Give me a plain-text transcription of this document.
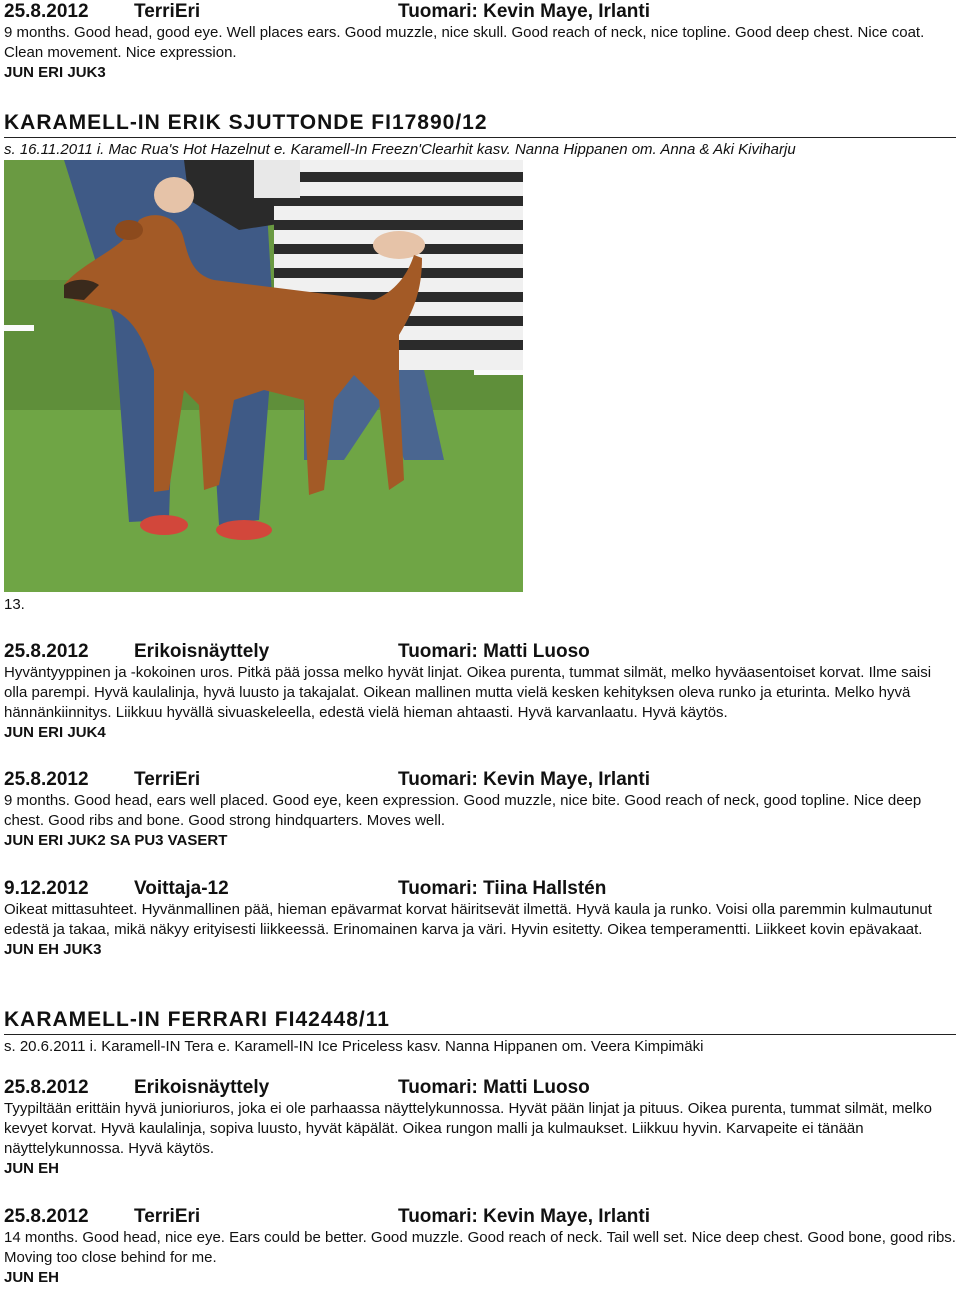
25.8.2012 TerriEri	Tuomari: Kevin Maye, Irlanti

9 months. Good head, good eye. Well places ears. Good muzzle, nice skull. Good reach of neck, nice topline. Good deep chest. Nice coat. Clean movement. Nice expression.

JUN ERI JUK3

KARAMELL-IN ERIK SJUTTONDE FI17890/12
s. 16.11.2011 i. Mac Rua's Hot Hazelnut e. Karamell-In Freezn'Clearhit kasv. Nanna Hippanen om. Anna & Aki Kiviharju
13.
25.8.2012 Erikoisnäyttely	Tuomari: Matti Luoso

Hyväntyyppinen ja -kokoinen uros. Pitkä pää jossa melko hyvät linjat. Oikea purenta, tummat silmät, melko hyväasentoiset korvat. Ilme saisi olla parempi. Hyvä kaulalinja, hyvä luusto ja takajalat. Oikean mallinen mutta vielä kesken kehityksen oleva runko ja eturinta. Melko hyvä hännänkiinnitys. Liikkuu hyvällä sivuaskeleella, edestä vielä hieman ahtaasti. Hyvä karvanlaatu. Hyvä käytös.

JUN ERI JUK4

25.8.2012 TerriEri	Tuomari: Kevin Maye, Irlanti

9 months. Good head, ears well placed. Good eye, keen expression. Good muzzle, nice bite. Good reach of neck, good topline. Nice deep chest. Good ribs and bone. Good strong hindquarters. Moves well.

JUN ERI JUK2 SA PU3 VASERT

9.12.2012 Voittaja-12	Tuomari: Tiina Hallstén

Oikeat mittasuhteet. Hyvänmallinen pää, hieman epävarmat korvat häiritsevät ilmettä. Hyvä kaula ja runko. Voisi olla paremmin kulmautunut edestä ja takaa, mikä näkyy erityisesti liikkeessä. Erinomainen karva ja väri. Hyvin esitetty. Oikea temperamentti. Liikkeet kovin epävakaat.

JUN EH JUK3

KARAMELL-IN FERRARI FI42448/11
s. 20.6.2011 i. Karamell-IN Tera e. Karamell-IN Ice Priceless kasv. Nanna Hippanen om. Veera Kimpimäki
25.8.2012 Erikoisnäyttely	Tuomari: Matti Luoso

Tyypiltään erittäin hyvä junioriuros, joka ei ole parhaassa näyttelykunnossa. Hyvät pään linjat ja pituus. Oikea purenta, tummat silmät, melko kevyet korvat. Hyvä kaulalinja, sopiva luusto, hyvät käpälät. Oikea rungon malli ja kulmaukset. Liikkuu hyvin. Karvapeite ei tänään näyttelykunnossa. Hyvä käytös.

JUN EH

25.8.2012 TerriEri	Tuomari: Kevin Maye, Irlanti

14 months. Good head, nice eye. Ears could be better. Good muzzle. Good reach of neck. Tail well set. Nice deep chest. Good bone, good ribs. Moving too close behind for me.

JUN EH
